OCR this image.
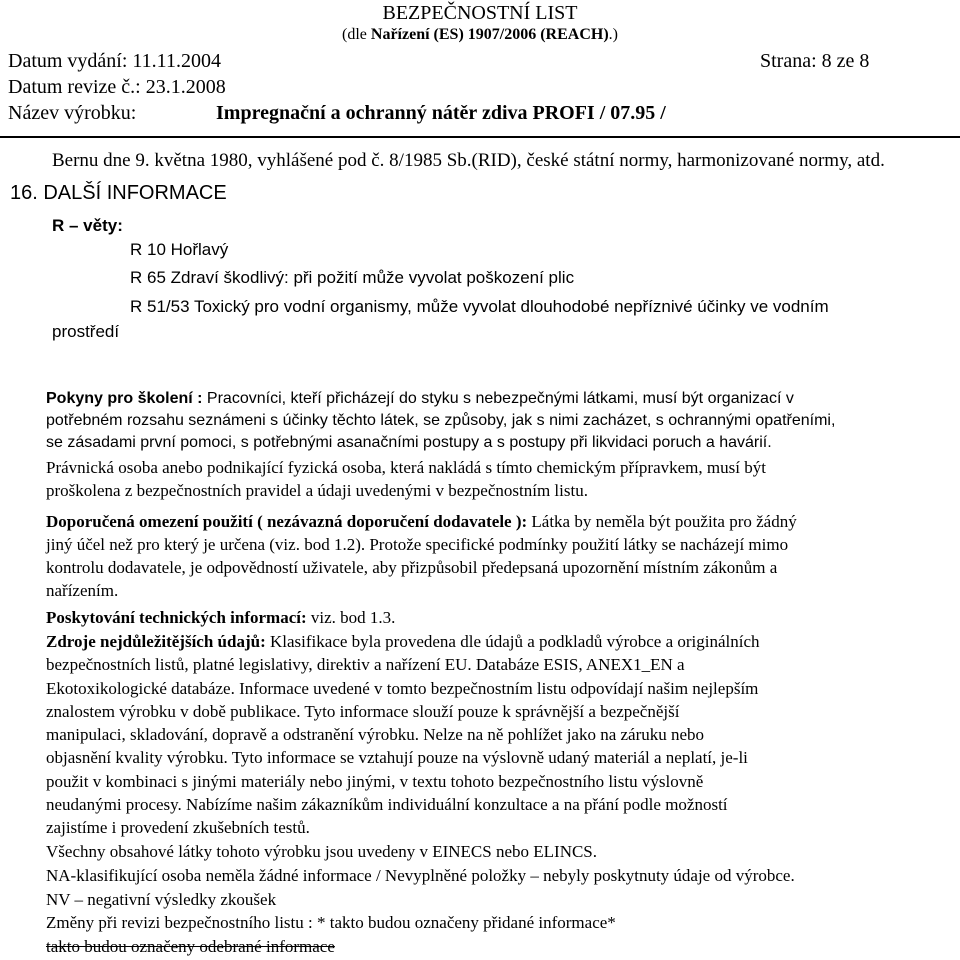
BEZPEČNOSTNÍ LIST
(dle Nařízení (ES) 1907/2006 (REACH).)
Datum vydání: 11.11.2004	Strana: 8 ze 8
Datum revize č.: 23.1.2008
Název výrobku:	Impregnační a ochranný nátěr zdiva PROFI / 07.95 /
Bernu dne 9. května 1980, vyhlášené pod č. 8/1985 Sb.(RID), české státní normy, harmonizované normy, atd.
16. DALŠÍ INFORMACE
R – věty:
R 10 Hořlavý
R 65 Zdraví škodlivý: při požití může vyvolat poškození plic
R 51/53 Toxický pro vodní organismy, může vyvolat dlouhodobé nepříznivé účinky ve vodním
prostředí
Pokyny pro školení : Pracovníci, kteří přicházejí do styku s nebezpečnými látkami, musí být organizací v
potřebném rozsahu seznámeni s účinky těchto látek, se způsoby, jak s nimi zacházet, s ochrannými opatřeními,
se zásadami první pomoci, s potřebnými asanačními postupy a s postupy při likvidaci poruch a havárií.
Právnická osoba anebo podnikající fyzická osoba, která nakládá s tímto chemickým přípravkem, musí být
proškolena z bezpečnostních pravidel a údaji uvedenými v bezpečnostním listu.
Doporučená omezení použití ( nezávazná doporučení dodavatele ): Látka by neměla být použita pro žádný
jiný účel než pro který je určena (viz. bod 1.2). Protože specifické podmínky použití látky se nacházejí mimo
kontrolu dodavatele, je odpovědností uživatele, aby přizpůsobil předepsaná upozornění místním zákonům a
nařízením.
Poskytování technických informací: viz. bod 1.3.
Zdroje nejdůležitějších údajů: Klasifikace byla provedena dle údajů a podkladů výrobce a originálních
bezpečnostních listů, platné legislativy, direktiv a nařízení EU. Databáze ESIS, ANEX1_EN a
Ekotoxikologické databáze. Informace uvedené v tomto bezpečnostním listu odpovídají našim nejlepším
znalostem výrobku v době publikace. Tyto informace slouží pouze k správnější a bezpečnější
manipulaci, skladování, dopravě a odstranění výrobku. Nelze na ně pohlížet jako na záruku nebo
objasnění kvality výrobku. Tyto informace se vztahují pouze na výslovně udaný materiál a neplatí, je-li
použit v kombinaci s jinými materiály nebo jinými, v textu tohoto bezpečnostního listu výslovně
neudanými procesy. Nabízíme našim zákazníkům individuální konzultace a na přání podle možností
zajistíme i provedení zkušebních testů.
Všechny obsahové látky tohoto výrobku jsou uvedeny v EINECS nebo ELINCS.
NA-klasifikující osoba neměla žádné informace / Nevyplněné položky – nebyly poskytnuty údaje od výrobce.
NV – negativní výsledky zkoušek
Změny při revizi bezpečnostního listu : * takto budou označeny přidané informace*
takto budou označeny odebrané informace
